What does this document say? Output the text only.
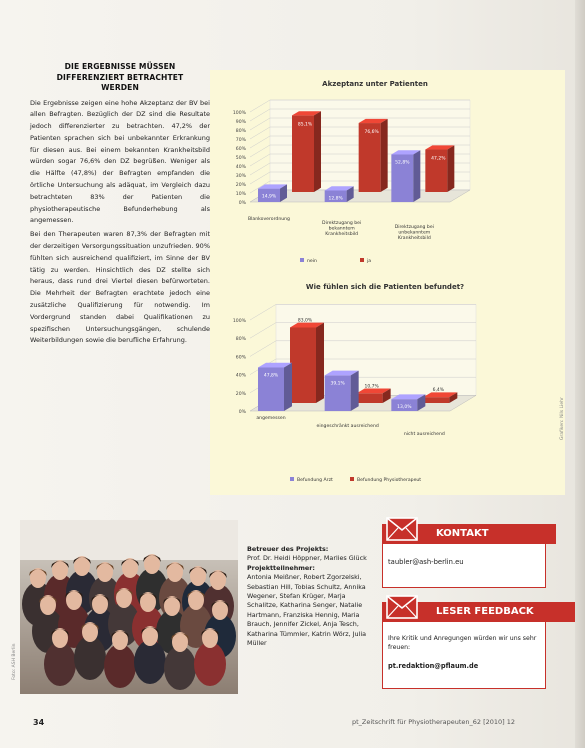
DIE ERGEBNISSE MÜSSEN
DIFFERENZIERT BETRACHTET
WERDEN

Die Ergebnisse zeigen eine hohe Akzeptanz der BV bei allen Befragten. Bezüglich der DZ sind die Resultate jedoch differenzierter zu betrachten. 47,2% der Patienten sprachen sich bei unbekannter Erkrankung für diesen aus. Bei einem bekannten Krankheitsbild würden sogar 76,6% den DZ begrüßen. Weniger als die Hälfte (47,8%) der Befragten empfanden die örtliche Untersuchung als adäquat, im Vergleich dazu betrachteten 83% der Patienten die physiotherapeutische Befunderhebung als angemessen.

Bei den Therapeuten waren 87,3% der Befragten mit der derzeitigen Versorgungssituation unzufrieden. 90% fühlten sich ausreichend qualifiziert, im Sinne der BV tätig zu werden. Hinsichtlich des DZ stellte sich heraus, dass rund drei Viertel diesen befürworteten. Die Mehrheit der Befragten erachtete jedoch eine zusätzliche Qualifizierung für notwendig. Im Vordergrund standen dabei Qualifikationen zu spezifischen Untersuchungsgängen, schulende Weiterbildungen sowie die berufliche Erfahrung.

Akzeptanz unter Patienten
0%
10%
20%
30%
40%
50%
60%
70%
80%
90%
100%
85,1%
14,9%
Blankoverordnung
76,6%
12,8%
Direktzugang bei bekanntem Krankheitsbild
47,2%
52,8%
Direktzugang bei unbekanntem Krankheitsbild
nein	ja
Wie fühlen sich die Patienten befundet?
0%
20%
40%
60%
80%
100%	83,0%
47,8%
angemessen
10,7%
39,1%
eingeschränkt ausreichend
6,4%
13,0%
nicht ausreichend
Befundung Arzt	Befundung Physiotherapeut
Grafiken: Nils Liehr
Foto: ASH Berlin
Betreuer des Projekts:
Prof. Dr. Heidi Höppner, Marlies Glück
Projektteilnehmer:
Antonia Meißner, Robert Zgorzelski, Sebastian Hill, Tobias Schultz, Annika Wegener, Stefan Krüger, Marja Schalitze, Katharina Senger, Natalie Hartmann, Franziska Hennig, Maria Brauch, Jennifer Zickel, Anja Tesch, Katharina Tümmler, Katrin Wörz, Julia Müller
KONTAKT
taubler@ash-berlin.eu
LESER FEEDBACK
Ihre Kritik und Anregungen würden wir uns sehr freuen:
pt.redaktion@pflaum.de
34	pt_Zeitschrift für Physiotherapeuten_62 [2010] 12
